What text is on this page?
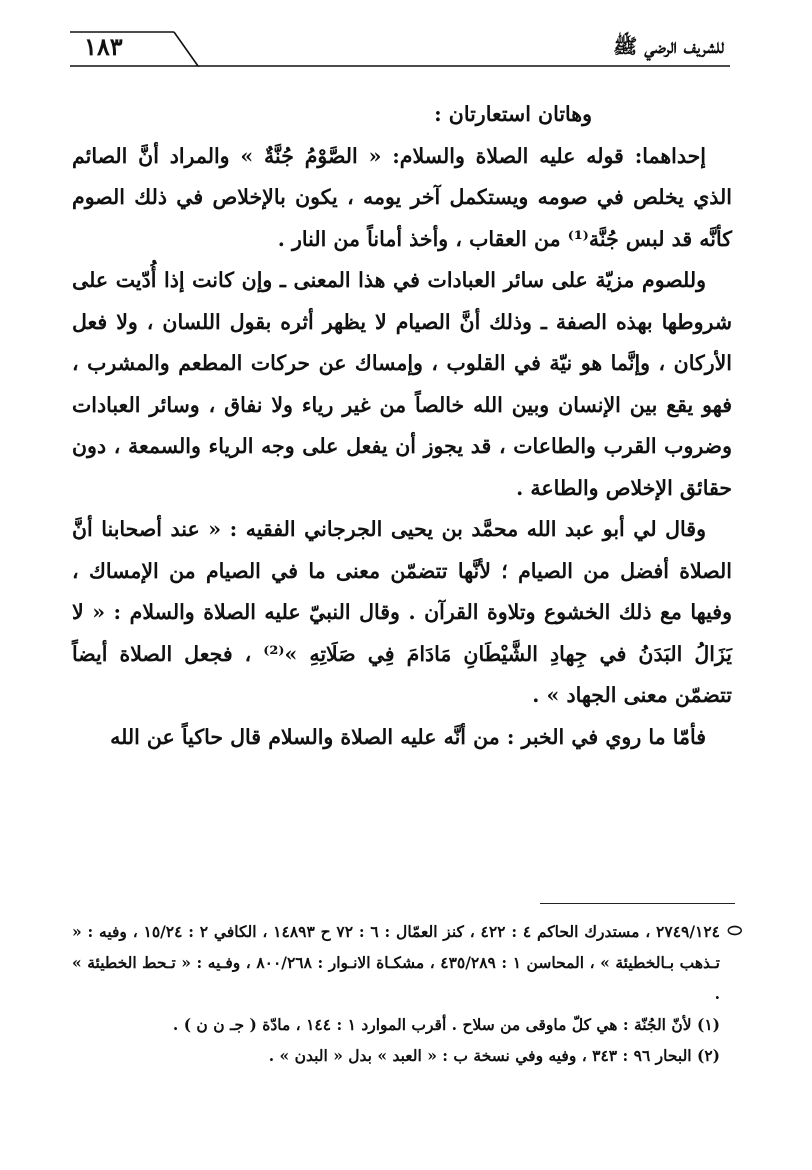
١٨٣	للشريف الرضي ﷺ

وهاتان استعارتان :

إحداهما: قوله عليه الصلاة والسلام: « الصَّوْمُ جُنَّةٌ » والمراد أنَّ الصائم الذي يخلص في صومه ويستكمل آخر يومه ، يكون بالإخلاص في ذلك الصوم كأنَّه قد لبس جُنَّة⁽¹⁾ من العقاب ، وأخذ أماناً من النار .

وللصوم مزيّة على سائر العبادات في هذا المعنى ـ وإن كانت إذا أُدّيت على شروطها بهذه الصفة ـ وذلك أنَّ الصيام لا يظهر أثره بقول اللسان ، ولا فعل الأركان ، وإنَّما هو نيّة في القلوب ، وإمساك عن حركات المطعم والمشرب ، فهو يقع بين الإنسان وبين الله خالصاً من غير رياء ولا نفاق ، وسائر العبادات وضروب القرب والطاعات ، قد يجوز أن يفعل على وجه الرياء والسمعة ، دون حقائق الإخلاص والطاعة .

وقال لي أبو عبد الله محمَّد بن يحيى الجرجاني الفقيه : « عند أصحابنا أنَّ الصلاة أفضل من الصيام ؛ لأنَّها تتضمّن معنى ما في الصيام من الإمساك ، وفيها مع ذلك الخشوع وتلاوة القرآن . وقال النبيّ عليه الصلاة والسلام : « لا يَزَالُ البَدَنُ في جِهادِ الشَّيْطَانِ مَادَامَ فِي صَلَاتِهِ »⁽²⁾ ، فجعل الصلاة أيضاً تتضمّن معنى الجهاد » .

فأمّا ما روي في الخبر : من أنَّه عليه الصلاة والسلام قال حاكياً عن الله

⬭
٢٧٤٩/١٢٤ ، مستدرك الحاكم ٤ : ٤٢٢ ، كنز العمّال : ٦ : ٧٢ ح ١٤٨٩٣ ، الكافي ٢ : ١٥/٢٤ ، وفيه : « تـذهب بـالخطيئة » ، المحاسن ١ : ٤٣٥/٢٨٩ ، مشكـاة الانـوار : ٨٠٠/٢٦٨ ، وفـيه : « تـحط الخطيئة » .

(١) لأنّ الجُنّة : هي كلّ ماوقى من سلاح . أقرب الموارد ١ : ١٤٤ ، مادّة ( جـ ن ن ) .

(٢) البحار ٩٦ : ٣٤٣ ، وفيه وفي نسخة ب : « العبد » بدل « البدن » .
